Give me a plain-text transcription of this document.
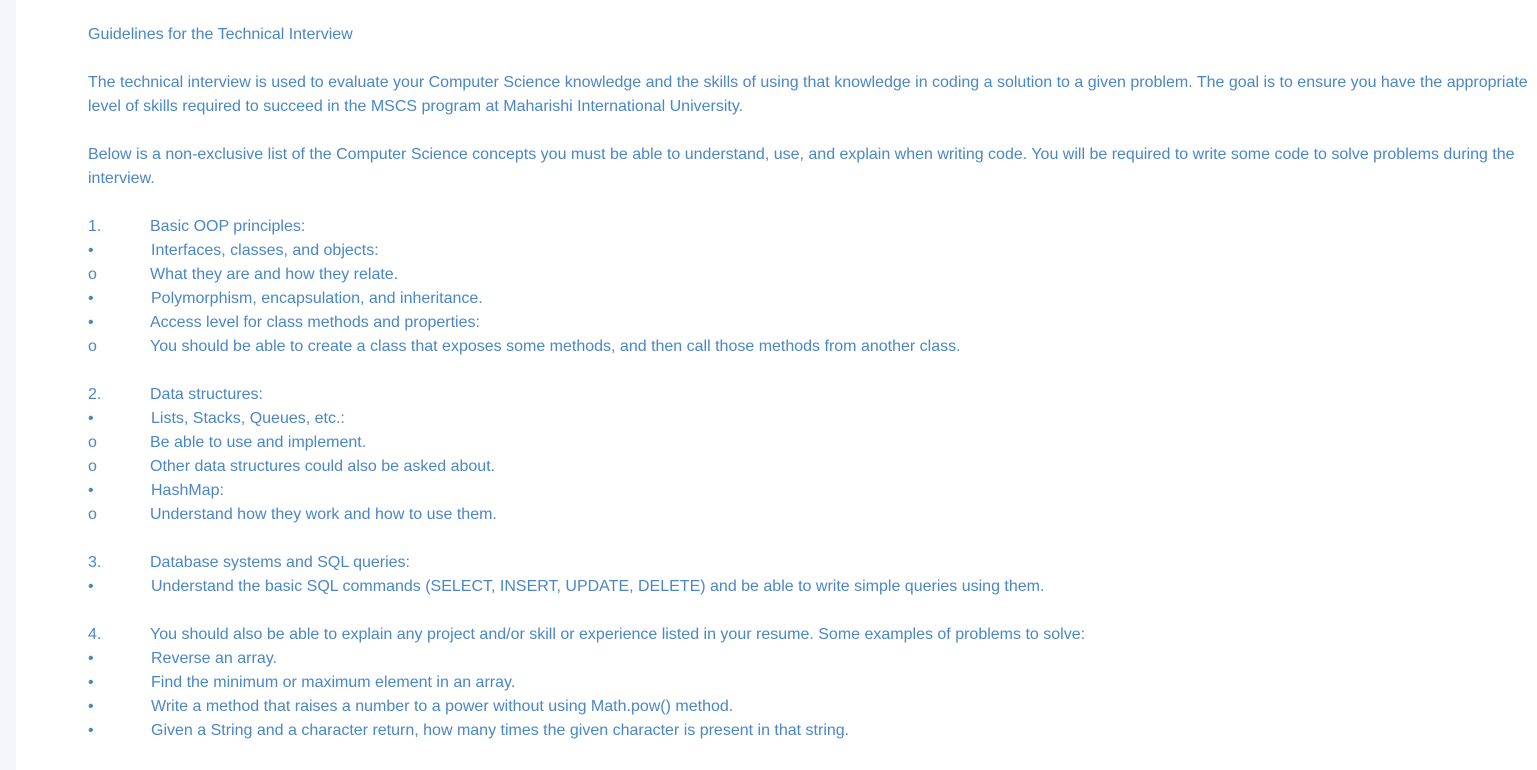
Guidelines for the Technical Interview

The technical interview is used to evaluate your Computer Science knowledge and the skills of using that knowledge in coding a solution to a given problem. The goal is to ensure you have the appropriate level of skills required to succeed in the MSCS program at Maharishi International University.

Below is a non-exclusive list of the Computer Science concepts you must be able to understand, use, and explain when writing code. You will be required to write some code to solve problems during the interview.

1.	Basic OOP principles:
•	Interfaces, classes, and objects:
o	What they are and how they relate.
•	Polymorphism, encapsulation, and inheritance.
•	Access level for class methods and properties:
o	You should be able to create a class that exposes some methods, and then call those methods from another class.
2.	Data structures:
•	Lists, Stacks, Queues, etc.:
o	Be able to use and implement.
o	Other data structures could also be asked about.
•	HashMap:
o	Understand how they work and how to use them.
3.	Database systems and SQL queries:
•	Understand the basic SQL commands (SELECT, INSERT, UPDATE, DELETE) and be able to write simple queries using them.
4.	You should also be able to explain any project and/or skill or experience listed in your resume. Some examples of problems to solve:
•	Reverse an array.
•	Find the minimum or maximum element in an array.
•	Write a method that raises a number to a power without using Math.pow() method.
•	Given a String and a character return, how many times the given character is present in that string.
